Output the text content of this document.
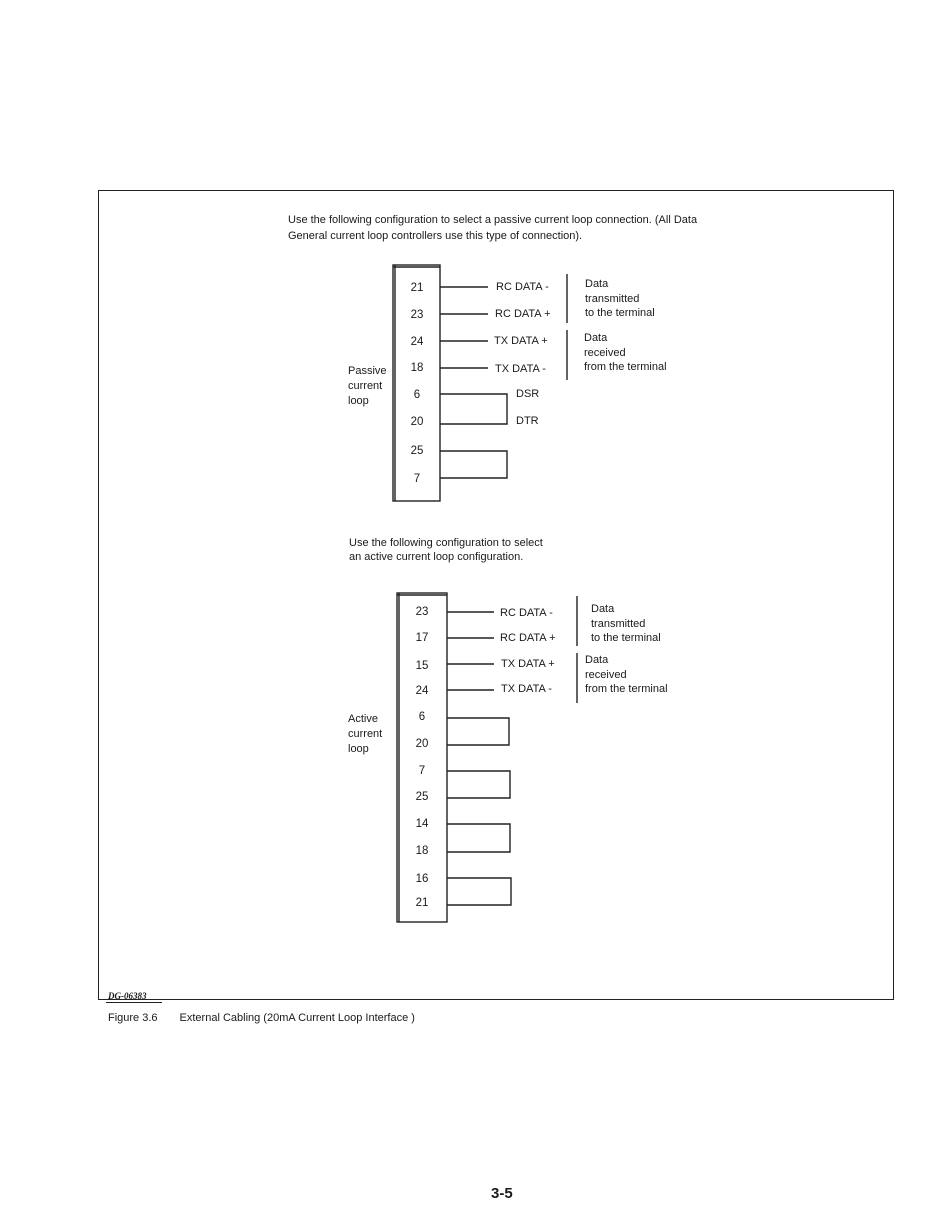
Use the following configuration to select a passive current loop connection. (All Data
General current loop controllers use this type of connection).
21
23
24
18
6
20
25
7
Passive
current
loop
RC DATA -
RC DATA +
TX DATA +
TX DATA -
DSR
DTR
Data
transmitted
to the terminal
Data
received
from the terminal
Use the following configuration to select
an active current loop configuration.
23
17
15
24
6
20
7
25
14
18
16
21
Active
current
loop
RC DATA -
RC DATA +
TX DATA +
TX DATA -
Data
transmitted
to the terminal
Data
received
from the terminal
DG-06383
Figure 3.6 External Cabling (20mA Current Loop Interface )
3-5
